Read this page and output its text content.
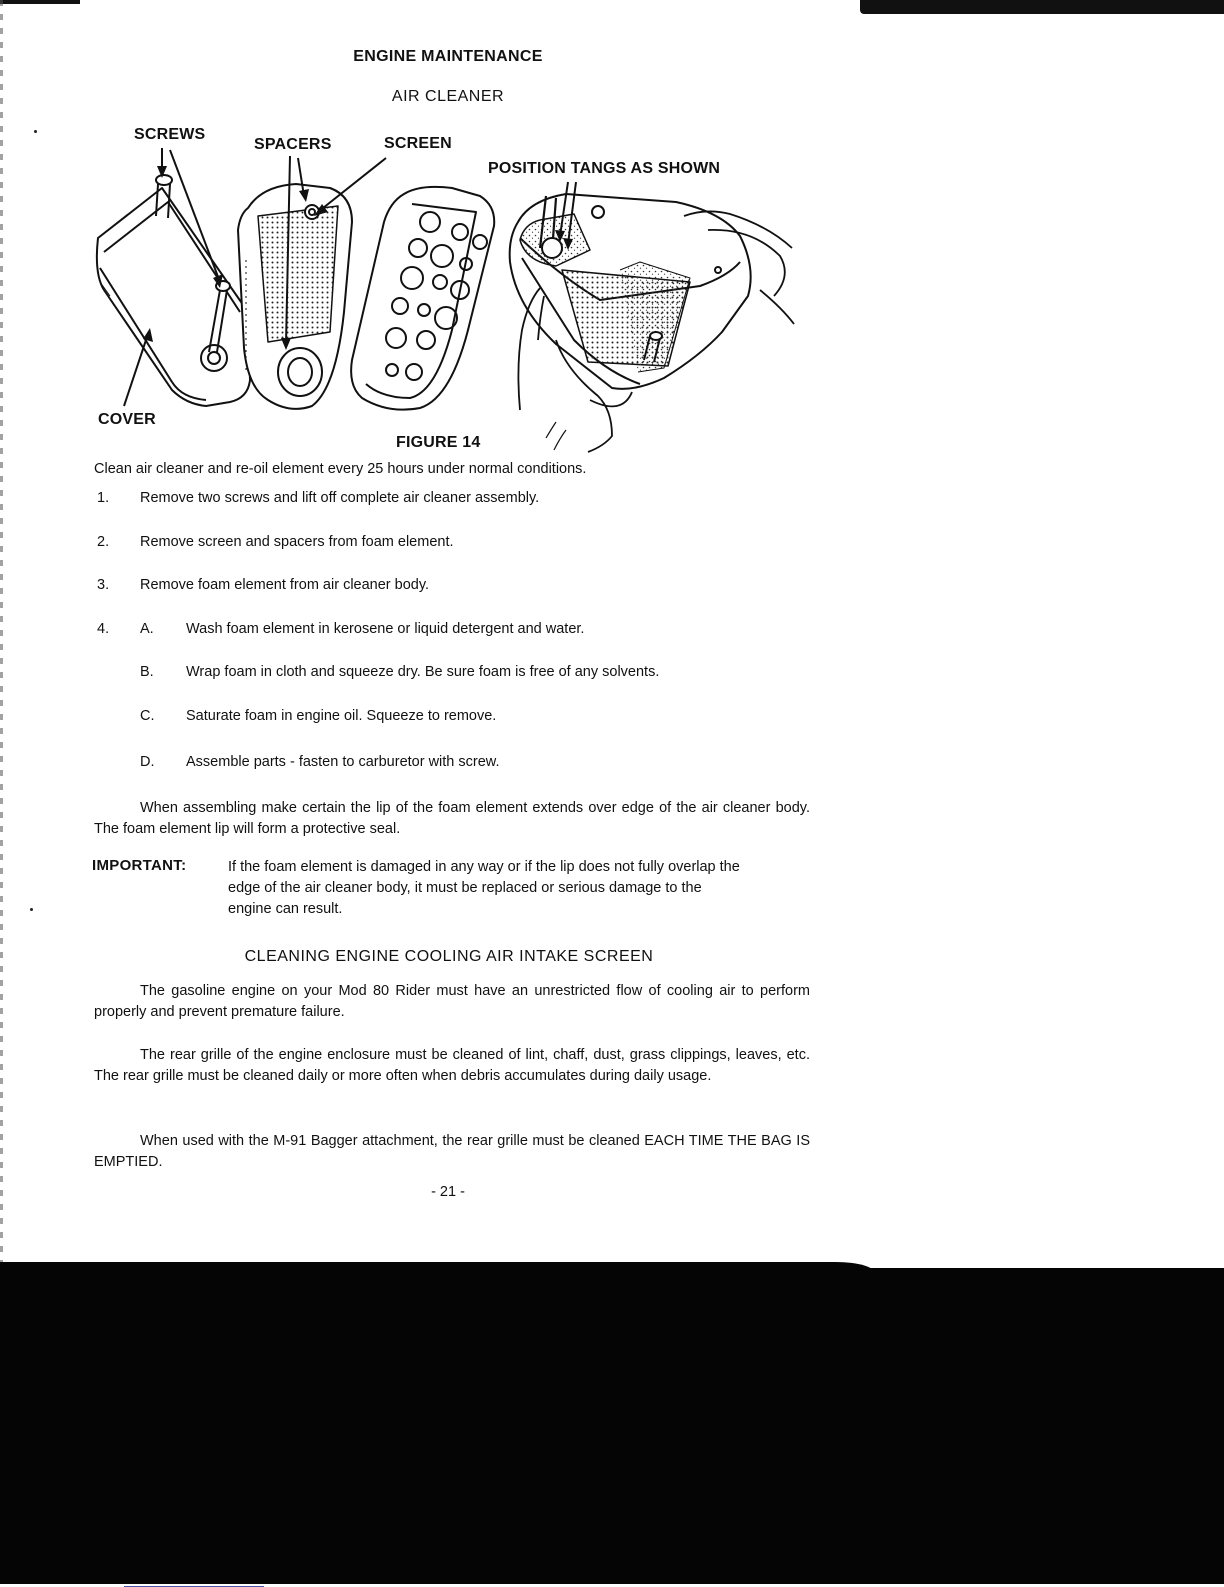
ENGINE MAINTENANCE
AIR CLEANER
SCREWS
SPACERS	SCREEN
POSITION TANGS AS SHOWN
COVER
FIGURE 14
Clean air cleaner and re-oil element every 25 hours under normal conditions.
1. Remove two screws and lift off complete air cleaner assembly.
2. Remove screen and spacers from foam element.
3. Remove foam element from air cleaner body.
4. A. Wash foam element in kerosene or liquid detergent and water.
B. Wrap foam in cloth and squeeze dry. Be sure foam is free of any solvents.
C. Saturate foam in engine oil. Squeeze to remove.
D. Assemble parts - fasten to carburetor with screw.
When assembling make certain the lip of the foam element extends over edge of the air cleaner body. The foam element lip will form a protective seal.
IMPORTANT:	If the foam element is damaged in any way or if the lip does not fully overlap the edge of the air cleaner body, it must be replaced or serious damage to the engine can result.
CLEANING ENGINE COOLING AIR INTAKE SCREEN
The gasoline engine on your Mod 80 Rider must have an unrestricted flow of cooling air to perform properly and prevent premature failure.
The rear grille of the engine enclosure must be cleaned of lint, chaff, dust, grass clippings, leaves, etc. The rear grille must be cleaned daily or more often when debris accumulates during daily usage.
When used with the M-91 Bagger attachment, the rear grille must be cleaned EACH TIME THE BAG IS EMPTIED.
- 21 -
